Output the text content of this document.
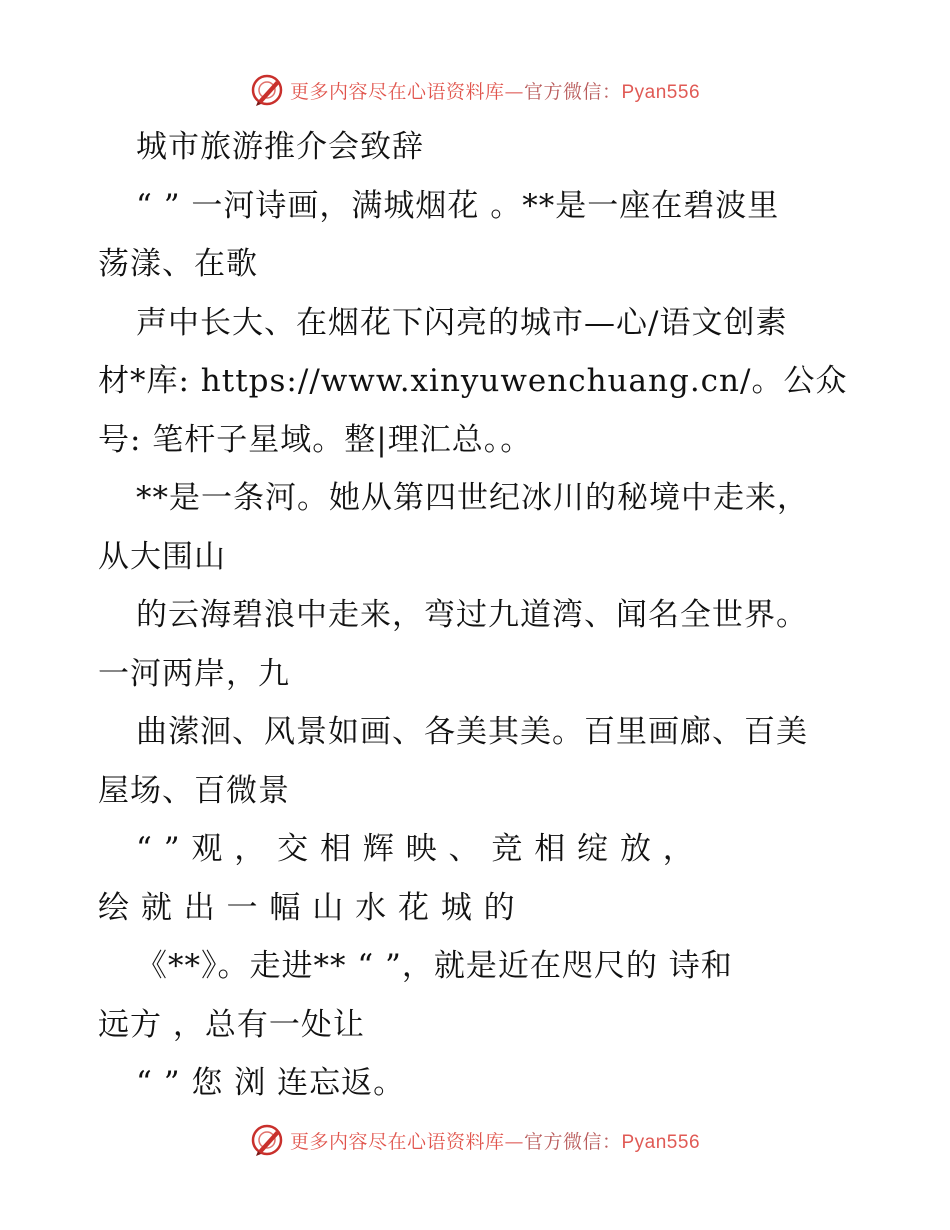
更多内容尽在心语资料库—官方微信：Pyan556
城市旅游推介会致辞
“ ” 一河诗画，满城烟花 。**是一座在碧波里
荡漾、在歌
声中长大、在烟花下闪亮的城市—心/语文创素
材*库: https://www.xinyuwenchuang.cn/。公众
号: 笔杆子星域。整|理汇总。。
**是一条河。她从第四世纪冰川的秘境中走来，
从大围山
的云海碧浪中走来，弯过九道湾、闻名全世界。
一河两岸，九
曲潆洄、风景如画、各美其美。百里画廊、百美
屋场、百微景
“ ” 观 ， 交 相 辉 映 、 竞 相 绽 放 ，
绘 就 出 一 幅 山 水 花 城 的
《**》。走进** “ ”，就是近在咫尺的 诗和
远方 ，总有一处让
“ ” 您 浏 连忘返。
更多内容尽在心语资料库—官方微信：Pyan556
